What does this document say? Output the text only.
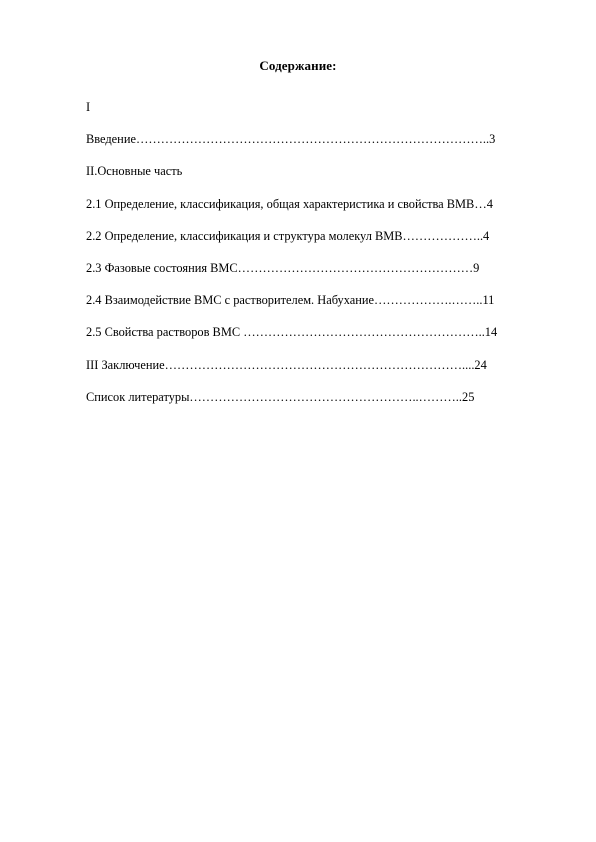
Содержание:
I
Введение…………………………………………………………………………..3
II.Основные часть
2.1 Определение, классификация, общая характеристика и свойства ВМВ…4
2.2 Определение, классификация и структура молекул ВМВ………………..4
2.3 Фазовые состояния ВМС…………………………………………………9
2.4 Взаимодействие ВМС с растворителем. Набухание……………….……..11
2.5 Свойства растворов ВМС …………………………………………………..14
III Заключение………………………………………………………………....24
Список литературы………………………………………………..………..25
